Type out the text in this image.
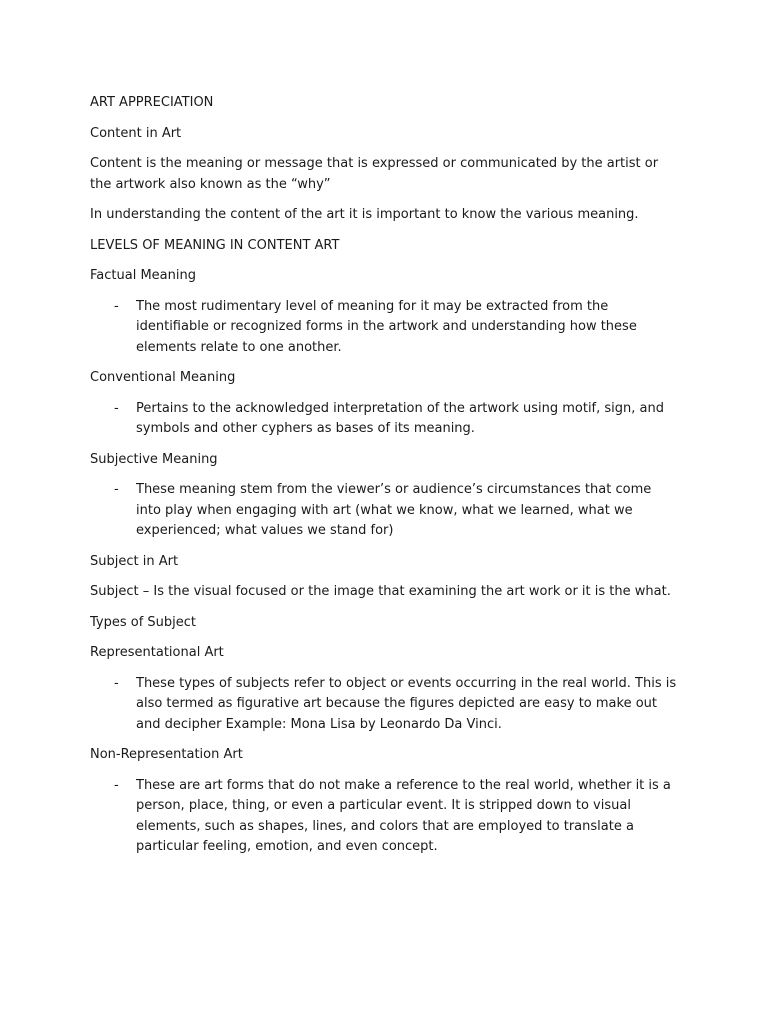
ART APPRECIATION

Content in Art

Content is the meaning or message that is expressed or communicated by the artist or the artwork also known as the “why”

In understanding the content of the art it is important to know the various meaning.

LEVELS OF MEANING IN CONTENT ART

Factual Meaning

- The most rudimentary level of meaning for it may be extracted from the identifiable or recognized forms in the artwork and understanding how these elements relate to one another.

Conventional Meaning

- Pertains to the acknowledged interpretation of the artwork using motif, sign, and symbols and other cyphers as bases of its meaning.

Subjective Meaning

- These meaning stem from the viewer’s or audience’s circumstances that come into play when engaging with art (what we know, what we learned, what we experienced; what values we stand for)

Subject in Art

Subject – Is the visual focused or the image that examining the art work or it is the what.

Types of Subject

Representational Art

- These types of subjects refer to object or events occurring in the real world. This is also termed as figurative art because the figures depicted are easy to make out and decipher Example: Mona Lisa by Leonardo Da Vinci.

Non-Representation Art

- These are art forms that do not make a reference to the real world, whether it is a person, place, thing, or even a particular event. It is stripped down to visual elements, such as shapes, lines, and colors that are employed to translate a particular feeling, emotion, and even concept.
